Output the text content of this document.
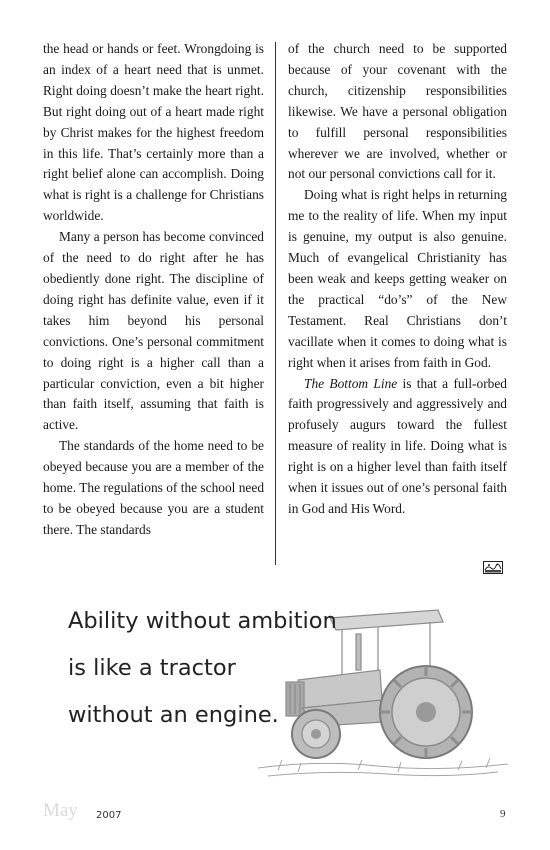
the head or hands or feet. Wrongdoing is an index of a heart need that is unmet. Right doing doesn’t make the heart right. But right doing out of a heart made right by Christ makes for the highest freedom in this life. That’s certainly more than a right belief alone can accomplish. Doing what is right is a challenge for Christians worldwide.

Many a person has become convinced of the need to do right after he has obediently done right. The discipline of doing right has definite value, even if it takes him beyond his personal convictions. One’s personal commitment to doing right is a higher call than a particular conviction, even a bit higher than faith itself, assuming that faith is active.

The standards of the home need to be obeyed because you are a member of the home. The regulations of the school need to be obeyed because you are a student there. The standards

of the church need to be supported because of your covenant with the church, citizenship responsibilities likewise. We have a personal obligation to fulfill personal responsibilities wherever we are involved, whether or not our personal convictions call for it.

Doing what is right helps in returning me to the reality of life. When my input is genuine, my output is also genuine. Much of evangelical Christianity has been weak and keeps getting weaker on the practical “do’s” of the New Testament. Real Christians don’t vacillate when it comes to doing what is right when it arises from faith in God.

The Bottom Line is that a full-orbed faith progressively and aggressively and profusely augurs toward the fullest measure of reality in life. Doing what is right is on a higher level than faith itself when it issues out of one’s personal faith in God and His Word.

Ability without ambition
is like a tractor
without an engine.
May 2007	9
